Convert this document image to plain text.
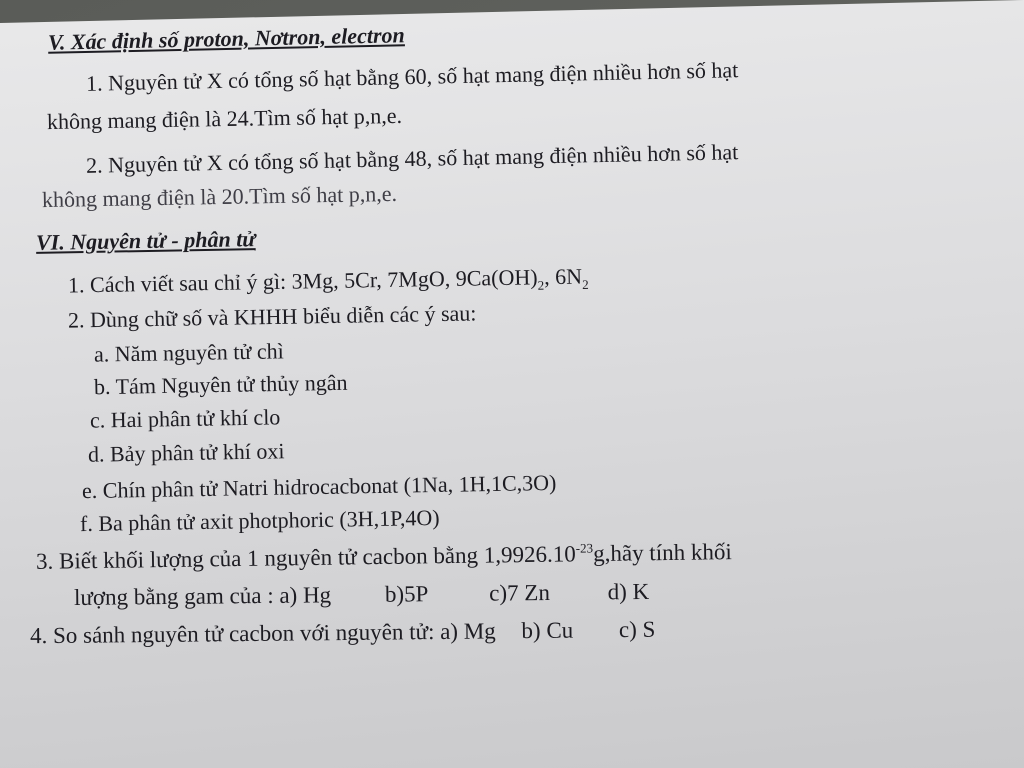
V. Xác định số proton, Nơtron, electron
1. Nguyên tử X có tổng số hạt bằng 60, số hạt mang điện nhiều hơn số hạt
không mang điện là 24.Tìm số hạt p,n,e.
2. Nguyên tử X có tổng số hạt bằng 48, số hạt mang điện nhiều hơn số hạt
không mang điện là 20.Tìm số hạt p,n,e.
VI. Nguyên tử - phân tử
1. Cách viết sau chỉ ý gì: 3Mg, 5Cr, 7MgO, $9Ca(OH)_2$, $6N_2$
2. Dùng chữ số và KHHH biểu diễn các ý sau:
a. Năm nguyên tử chì
b. Tám Nguyên tử thủy ngân
c. Hai phân tử khí clo
d. Bảy phân tử khí oxi
e. Chín phân tử Natri hidrocacbonat (1Na, 1H,1C,3O)
f. Ba phân tử axit photphoric (3H,1P,4O)
3. Biết khối lượng của 1 nguyên tử cacbon bằng $1,9926.10^{-23}g,hãy$ tính khối
lượng bằng gam của : a) Hg b)5P	c)7 Zn d) K
4. So sánh nguyên tử cacbon với nguyên tử: a) Mg b) Cu c) S
